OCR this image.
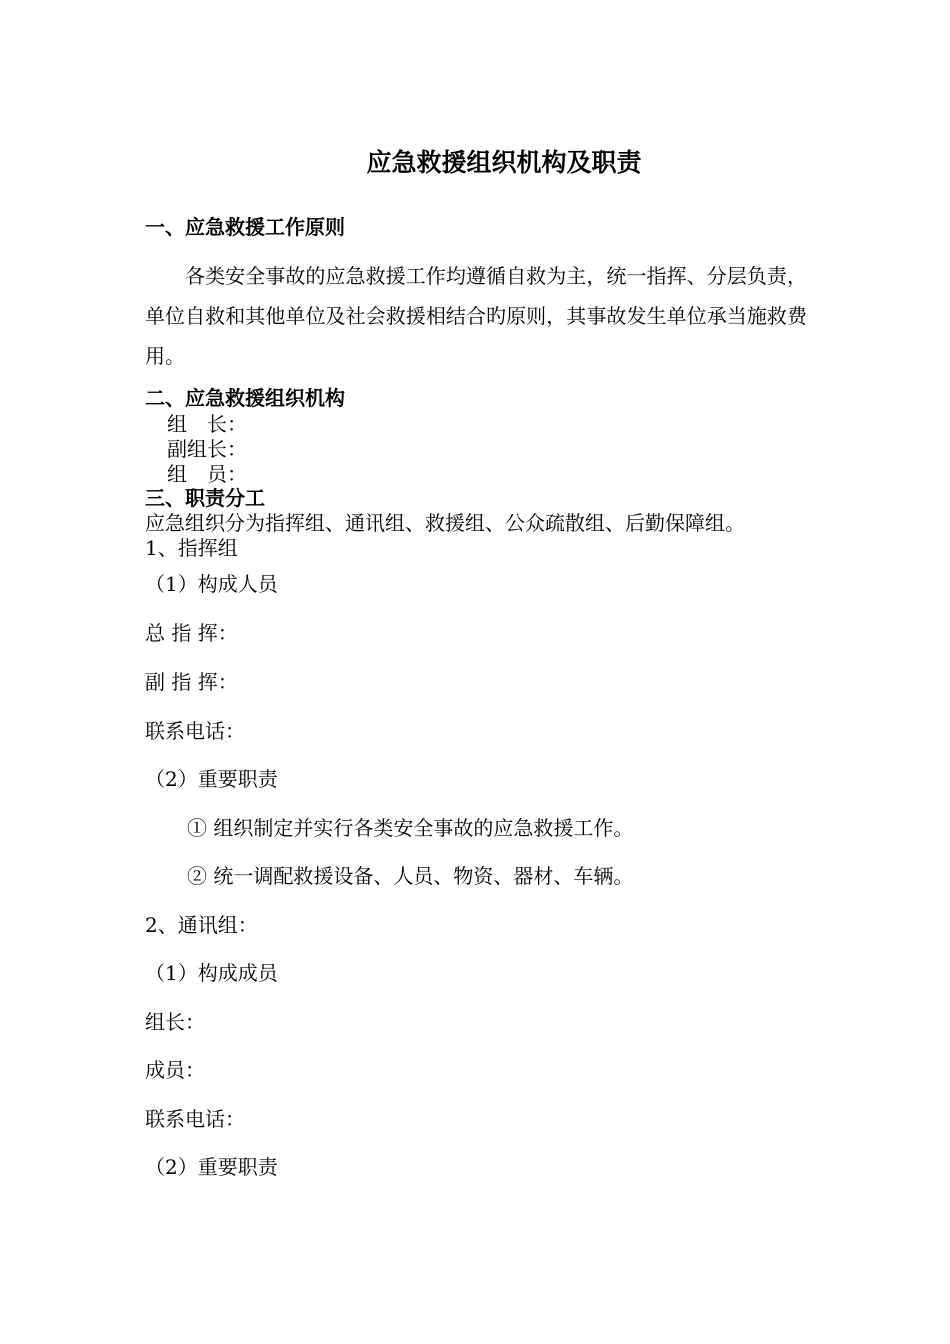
应急救援组织机构及职责
一、应急救援工作原则
各类安全事故的应急救援工作均遵循自救为主，统一指挥、分层负责，单位自救和其他单位及社会救援相结合旳原则，其事故发生单位承当施救费用。
二、应急救援组织机构
组　长：
副组长：
组　员：
三、职责分工
应急组织分为指挥组、通讯组、救援组、公众疏散组、后勤保障组。
1、指挥组
（1）构成人员
总 指 挥：
副 指 挥：
联系电话：
（2）重要职责
① 组织制定并实行各类安全事故的应急救援工作。
② 统一调配救援设备、人员、物资、器材、车辆。
2、通讯组：
（1）构成成员
组长：
成员：
联系电话：
（2）重要职责
